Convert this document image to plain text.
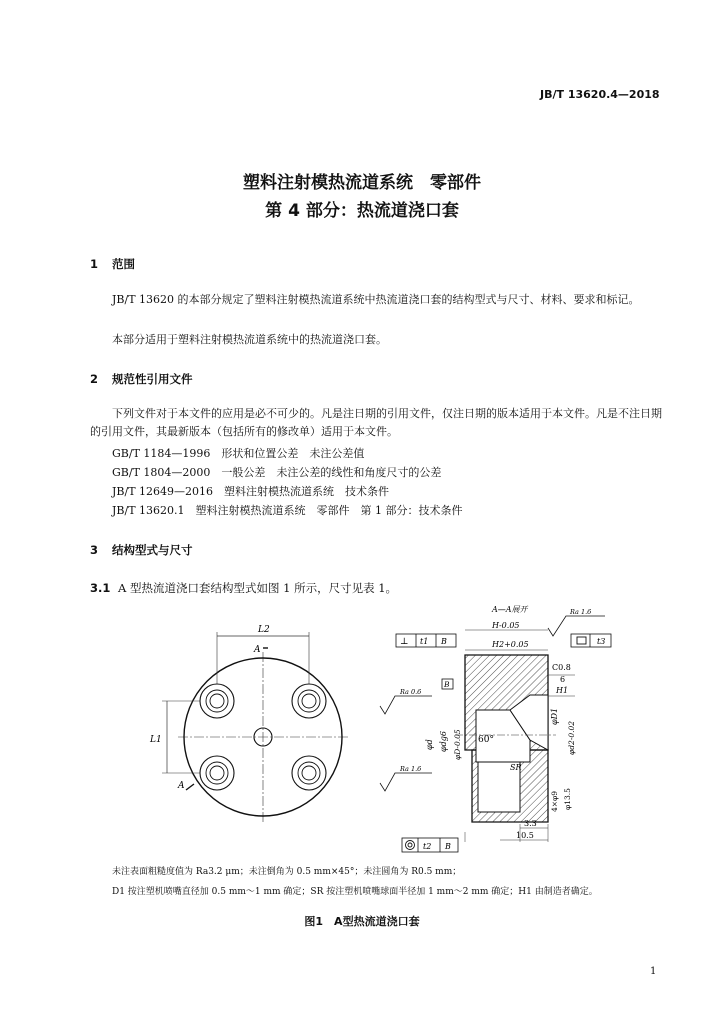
JB/T 13620.4—2018
塑料注射模热流道系统　零部件
第 4 部分：热流道浇口套
1 范围
JB/T 13620 的本部分规定了塑料注射模热流道系统中热流道浇口套的结构型式与尺寸、材料、要求和标记。
本部分适用于塑料注射模热流道系统中的热流道浇口套。
2 规范性引用文件
下列文件对于本文件的应用是必不可少的。凡是注日期的引用文件，仅注日期的版本适用于本文件。凡是不注日期的引用文件，其最新版本（包括所有的修改单）适用于本文件。
GB/T 1184—1996　形状和位置公差　未注公差值
GB/T 1804—2000　一般公差　未注公差的线性和角度尺寸的公差
JB/T 12649—2016　塑料注射模热流道系统　技术条件
JB/T 13620.1　塑料注射模热流道系统　零部件　第 1 部分：技术条件
3 结构型式与尺寸
3.1 A 型热流道浇口套结构型式如图 1 所示，尺寸见表 1。
L2
L1
A
A
A—A展开	Ra 1.6
H-0.05
H2+0.05
⊥ t1 B	t3
B
Ra 0.6
Ra 1.6
φd φdg6 φD-0.05 60°
SR
C0.8
6
H1
φD1
φd2-0.02
4×φ9 φ13.5
3.3
10.5
t2 B
未注表面粗糙度值为 Ra3.2 μm；未注倒角为 0.5 mm×45°；未注圆角为 R0.5 mm；
D1 按注塑机喷嘴直径加 0.5 mm～1 mm 确定；SR 按注塑机喷嘴球面半径加 1 mm～2 mm 确定；H1 由制造者确定。
图1　A型热流道浇口套
1
